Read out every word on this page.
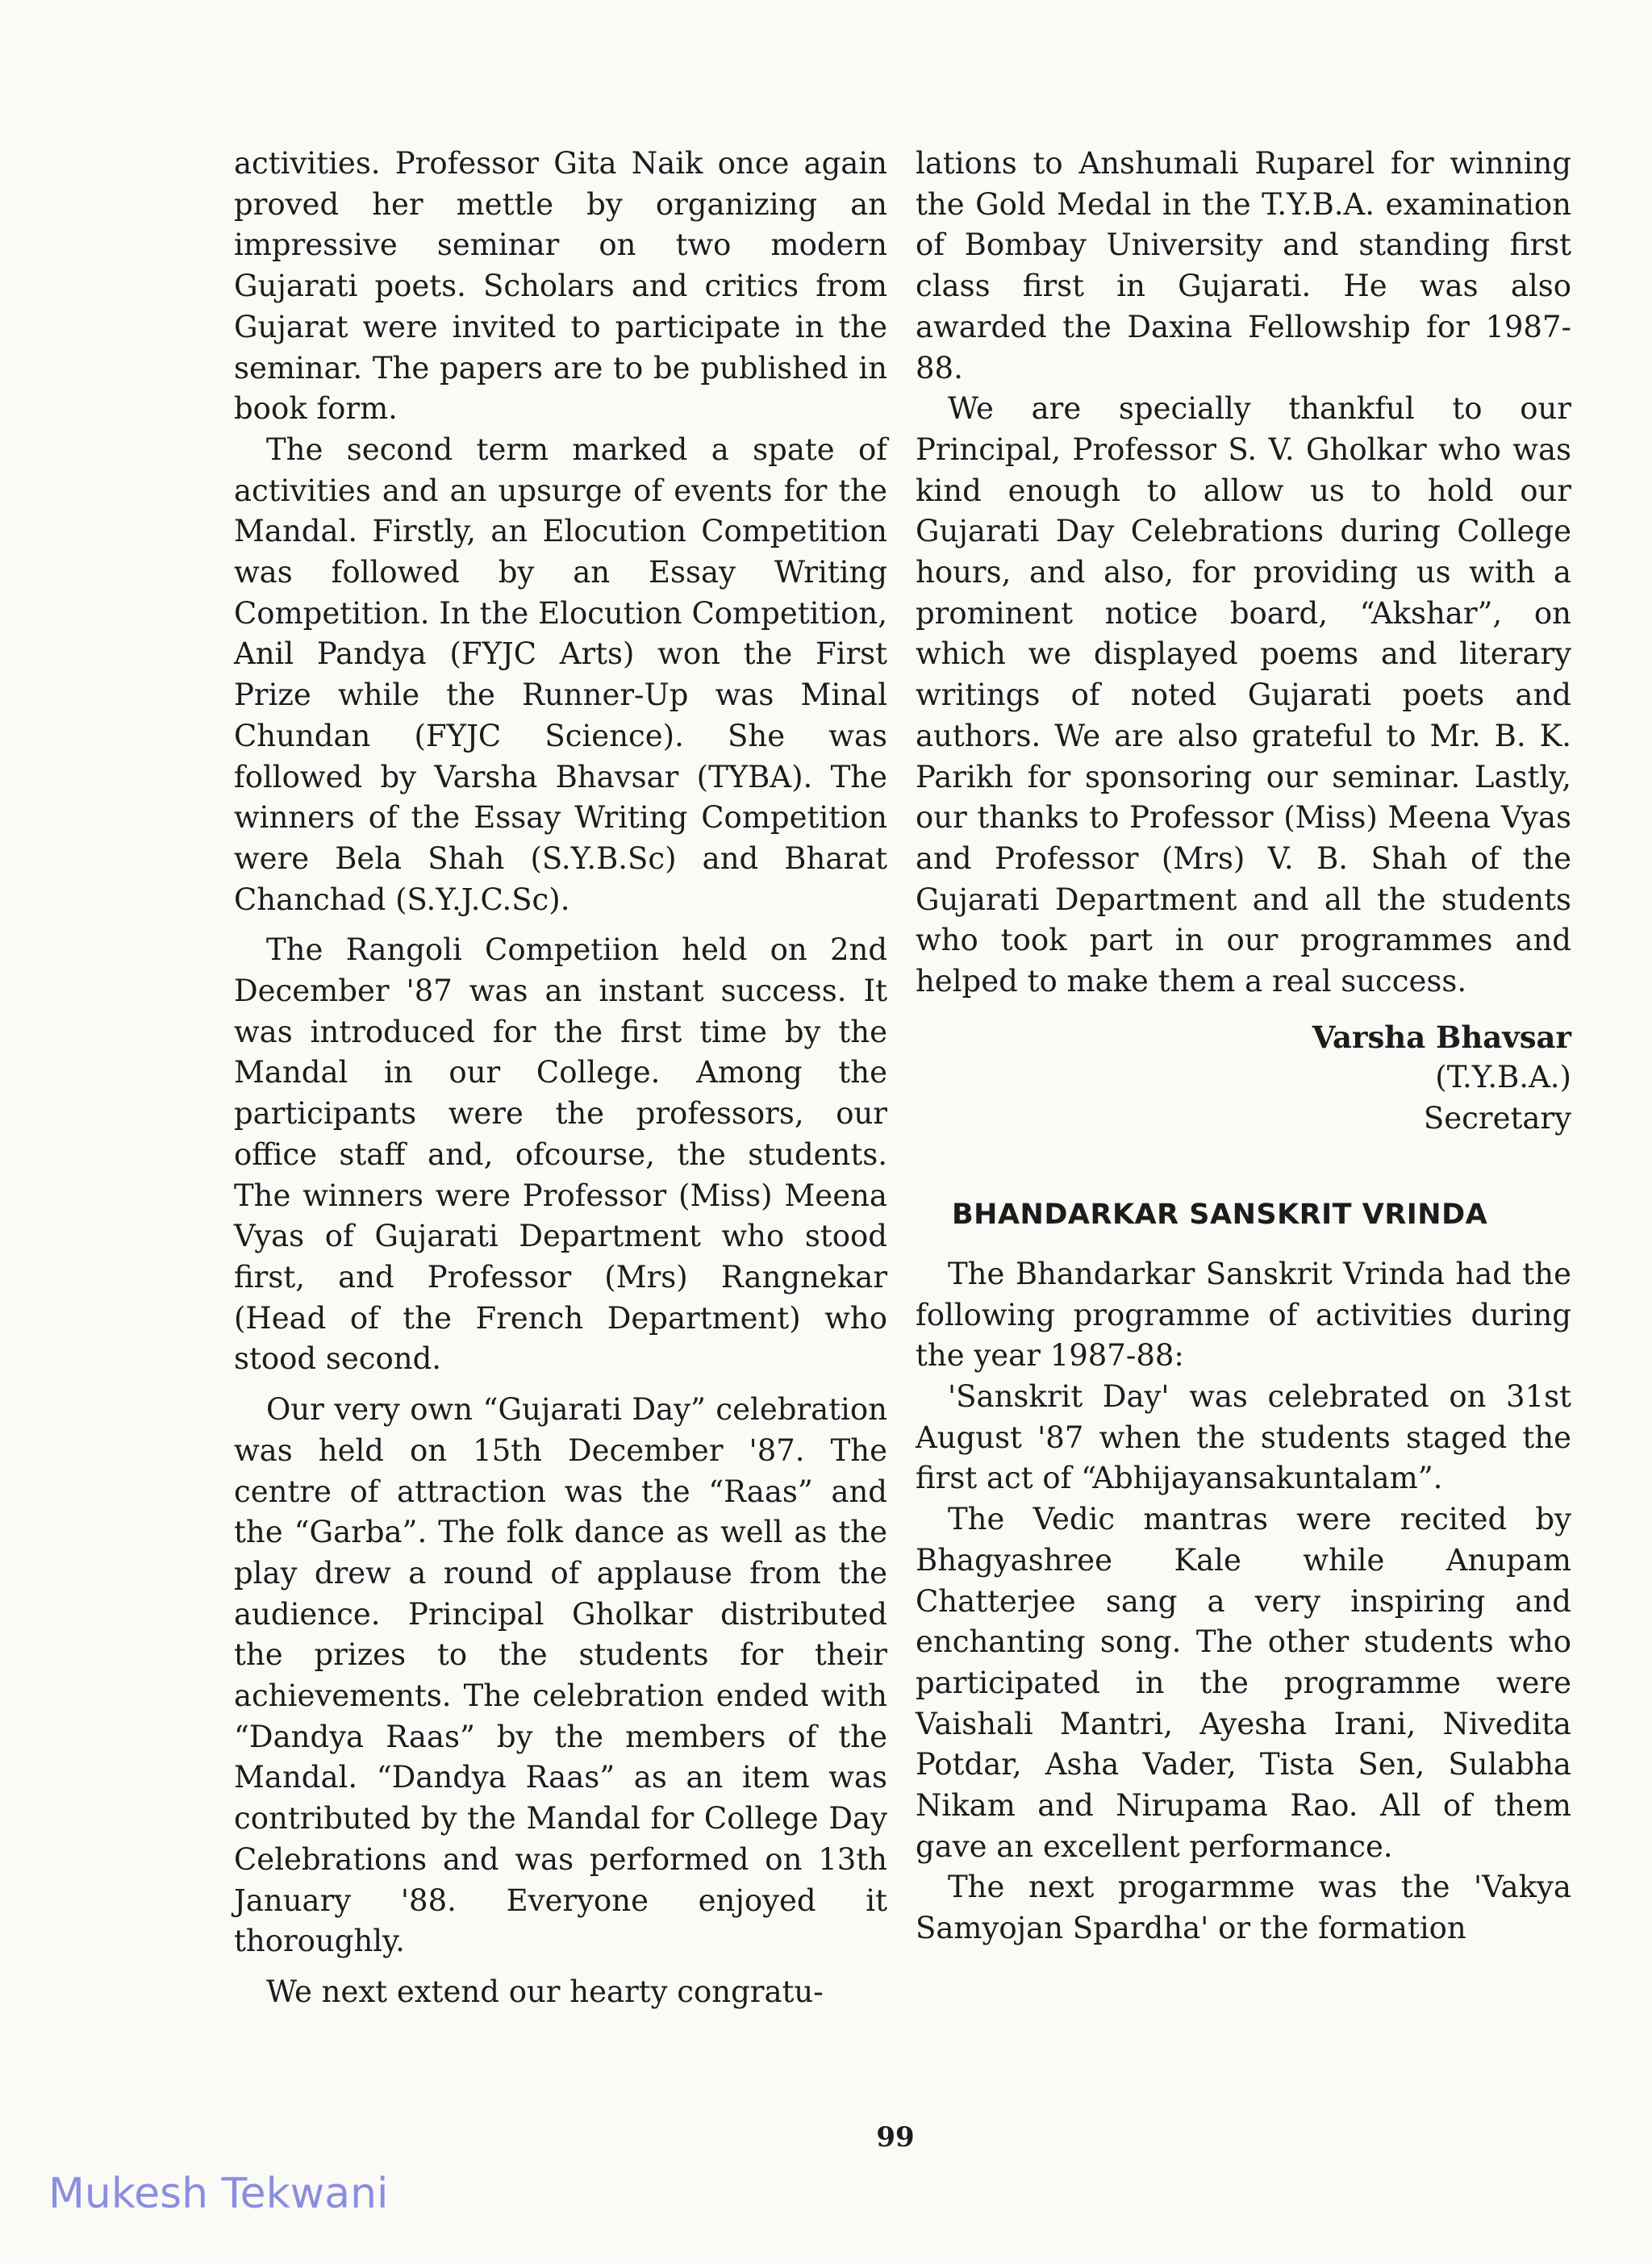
activities. Professor Gita Naik once again proved her mettle by organizing an impressive seminar on two modern Gujarati poets. Scholars and critics from Gujarat were invited to participate in the seminar. The papers are to be published in book form.

The second term marked a spate of activities and an upsurge of events for the Mandal. Firstly, an Elocution Competition was followed by an Essay Writing Competition. In the Elocution Competition, Anil Pandya (FYJC Arts) won the First Prize while the Runner-Up was Minal Chundan (FYJC Science). She was followed by Varsha Bhavsar (TYBA). The winners of the Essay Writing Competition were Bela Shah (S.Y.B.Sc) and Bharat Chanchad (S.Y.J.C.Sc).

The Rangoli Competiion held on 2nd December '87 was an instant success. It was introduced for the first time by the Mandal in our College. Among the participants were the professors, our office staff and, ofcourse, the students. The winners were Professor (Miss) Meena Vyas of Gujarati Department who stood first, and Professor (Mrs) Rangnekar (Head of the French Department) who stood second.

Our very own “Gujarati Day” celebration was held on 15th December '87. The centre of attraction was the “Raas” and the “Garba”. The folk dance as well as the play drew a round of applause from the audience. Principal Gholkar distributed the prizes to the students for their achievements. The celebration ended with “Dandya Raas” by the members of the Mandal. “Dandya Raas” as an item was contributed by the Mandal for College Day Celebrations and was performed on 13th January '88. Everyone enjoyed it thoroughly.

We next extend our hearty congratu-

lations to Anshumali Ruparel for winning the Gold Medal in the T.Y.B.A. examination of Bombay University and standing first class first in Gujarati. He was also awarded the Daxina Fellowship for 1987-88.

We are specially thankful to our Principal, Professor S. V. Gholkar who was kind enough to allow us to hold our Gujarati Day Celebrations during College hours, and also, for providing us with a prominent notice board, “Akshar”, on which we displayed poems and literary writings of noted Gujarati poets and authors. We are also grateful to Mr. B. K. Parikh for sponsoring our seminar. Lastly, our thanks to Professor (Miss) Meena Vyas and Professor (Mrs) V. B. Shah of the Gujarati Department and all the students who took part in our programmes and helped to make them a real success.

Varsha Bhavsar
(T.Y.B.A.)
Secretary
BHANDARKAR SANSKRIT VRINDA

The Bhandarkar Sanskrit Vrinda had the following programme of activities during the year 1987-88:

'Sanskrit Day' was celebrated on 31st August '87 when the students staged the first act of “Abhijayansakuntalam”.

The Vedic mantras were recited by Bhagyashree Kale while Anupam Chatterjee sang a very inspiring and enchanting song. The other students who participated in the programme were Vaishali Mantri, Ayesha Irani, Nivedita Potdar, Asha Vader, Tista Sen, Sulabha Nikam and Nirupama Rao. All of them gave an excellent performance.

The next progarmme was the 'Vakya Samyojan Spardha' or the formation

99
Mukesh Tekwani
